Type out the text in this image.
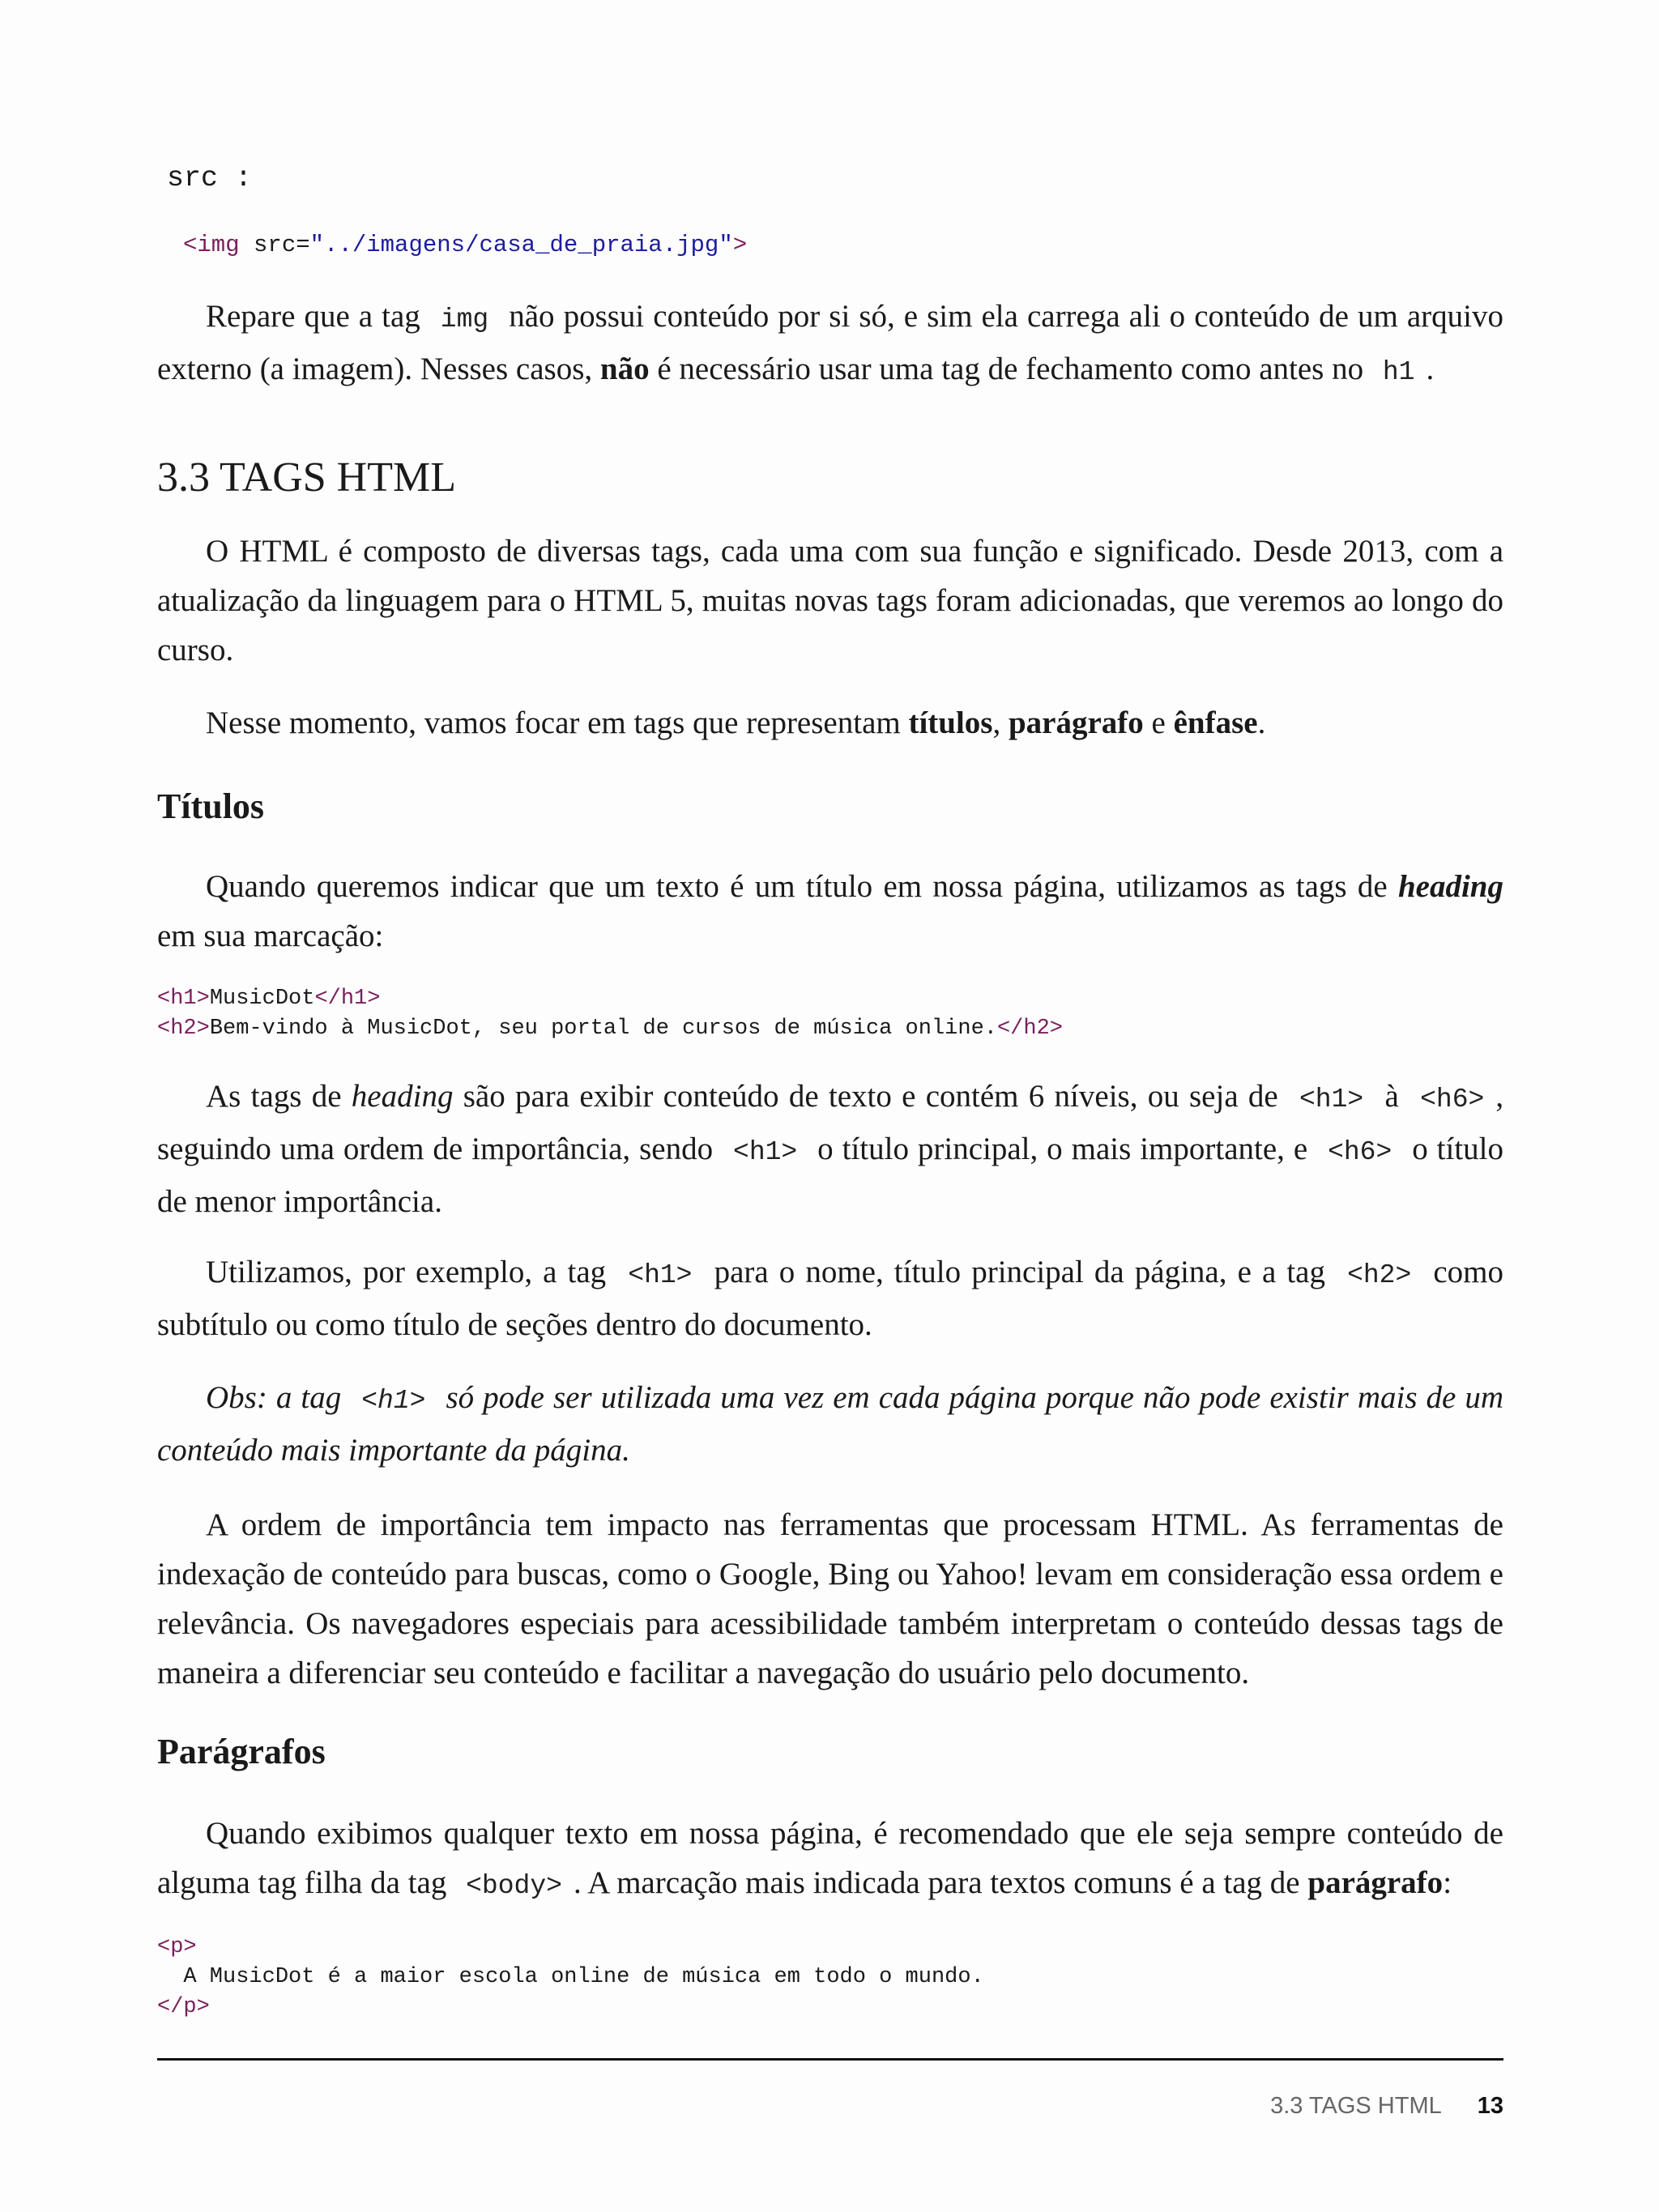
src :
<img src="../imagens/casa_de_praia.jpg">

Repare que a tag img não possui conteúdo por si só, e sim ela carrega ali o conteúdo de um arquivo externo (a imagem). Nesses casos, não é necessário usar uma tag de fechamento como antes no h1 .

3.3 TAGS HTML

O HTML é composto de diversas tags, cada uma com sua função e significado. Desde 2013, com a atualização da linguagem para o HTML 5, muitas novas tags foram adicionadas, que veremos ao longo do curso.

Nesse momento, vamos focar em tags que representam títulos, parágrafo e ênfase.

Títulos

Quando queremos indicar que um texto é um título em nossa página, utilizamos as tags de heading em sua marcação:

<h1>MusicDot</h1>
<h2>Bem-vindo à MusicDot, seu portal de cursos de música online.</h2>

As tags de heading são para exibir conteúdo de texto e contém 6 níveis, ou seja de <h1> à <h6> , seguindo uma ordem de importância, sendo <h1> o título principal, o mais importante, e <h6> o título de menor importância.

Utilizamos, por exemplo, a tag <h1> para o nome, título principal da página, e a tag <h2> como subtítulo ou como título de seções dentro do documento.

Obs: a tag <h1> só pode ser utilizada uma vez em cada página porque não pode existir mais de um conteúdo mais importante da página.

A ordem de importância tem impacto nas ferramentas que processam HTML. As ferramentas de indexação de conteúdo para buscas, como o Google, Bing ou Yahoo! levam em consideração essa ordem e relevância. Os navegadores especiais para acessibilidade também interpretam o conteúdo dessas tags de maneira a diferenciar seu conteúdo e facilitar a navegação do usuário pelo documento.

Parágrafos

Quando exibimos qualquer texto em nossa página, é recomendado que ele seja sempre conteúdo de alguma tag filha da tag <body> . A marcação mais indicada para textos comuns é a tag de parágrafo:

<p>
A MusicDot é a maior escola online de música em todo o mundo.
</p>
3.3 TAGS HTML 13
